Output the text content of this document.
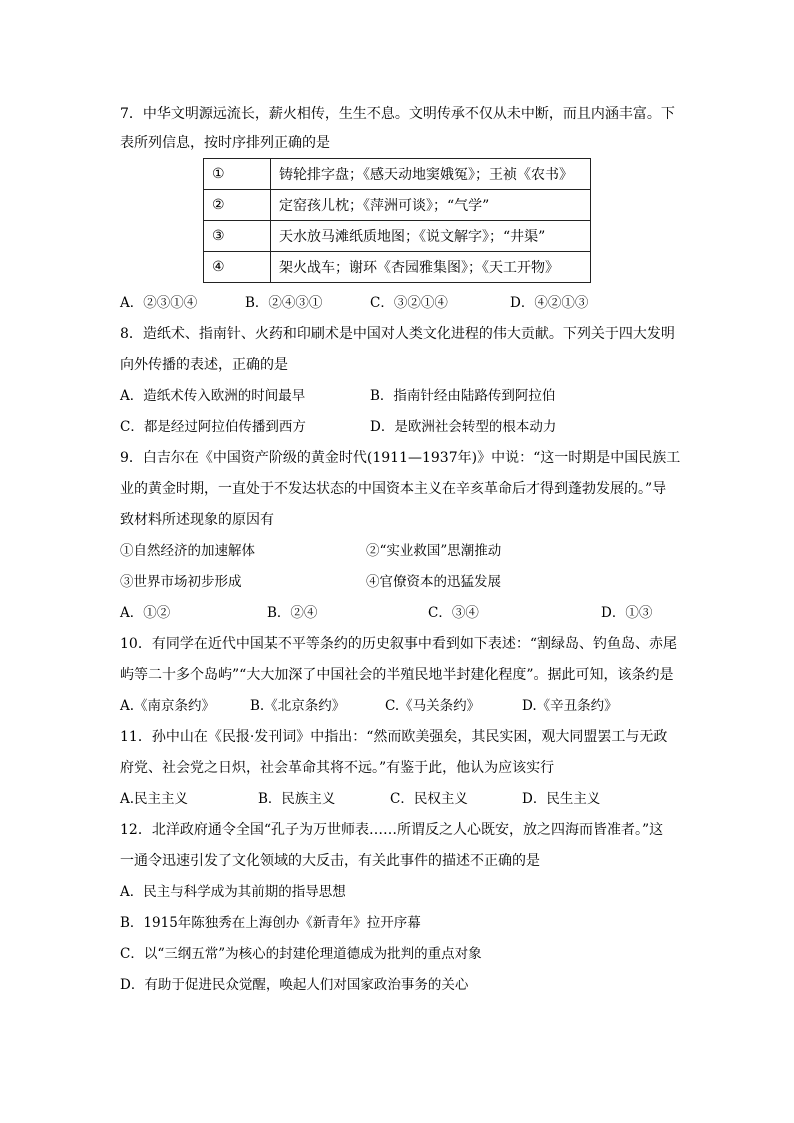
7．中华文明源远流长，薪火相传，生生不息。文明传承不仅从未中断，而且内涵丰富。下
表所列信息，按时序排列正确的是
①	铸轮排字盘；《感天动地窦娥冤》；王祯《农书》
②	定窑孩儿枕；《萍洲可谈》；“气学”
③	天水放马滩纸质地图；《说文解字》；“井渠”
④	架火战车；谢环《杏园雅集图》；《天工开物》
A．②③①④	B．②④③①	C．③②①④	D．④②①③
8．造纸术、指南针、火药和印刷术是中国对人类文化进程的伟大贡献。下列关于四大发明
向外传播的表述，正确的是
A．造纸术传入欧洲的时间最早	B．指南针经由陆路传到阿拉伯
C．都是经过阿拉伯传播到西方	D．是欧洲社会转型的根本动力
9．白吉尔在《中国资产阶级的黄金时代(1911—1937年)》中说：“这一时期是中国民族工
业的黄金时期，一直处于不发达状态的中国资本主义在辛亥革命后才得到蓬勃发展的。”导
致材料所述现象的原因有
①自然经济的加速解体	②“实业救国”思潮推动
③世界市场初步形成	④官僚资本的迅猛发展
A．①②	B．②④	C．③④	D．①③
10．有同学在近代中国某不平等条约的历史叙事中看到如下表述：“割绿岛、钓鱼岛、赤尾
屿等二十多个岛屿”“大大加深了中国社会的半殖民地半封建化程度”。据此可知，该条约是
A.《南京条约》	B.《北京条约》	C.《马关条约》	D.《辛丑条约》
11．孙中山在《民报·发刊词》中指出：“然而欧美强矣，其民实困，观大同盟罢工与无政
府党、社会党之日炽，社会革命其将不远。”有鉴于此，他认为应该实行
A.民主主义	B．民族主义	C．民权主义	D．民生主义
12．北洋政府通令全国“孔子为万世师表……所谓反之人心既安，放之四海而皆准者。”这
一通令迅速引发了文化领域的大反击，有关此事件的描述不正确的是
A．民主与科学成为其前期的指导思想
B．1915年陈独秀在上海创办《新青年》拉开序幕
C．以“三纲五常”为核心的封建伦理道德成为批判的重点对象
D．有助于促进民众觉醒，唤起人们对国家政治事务的关心
